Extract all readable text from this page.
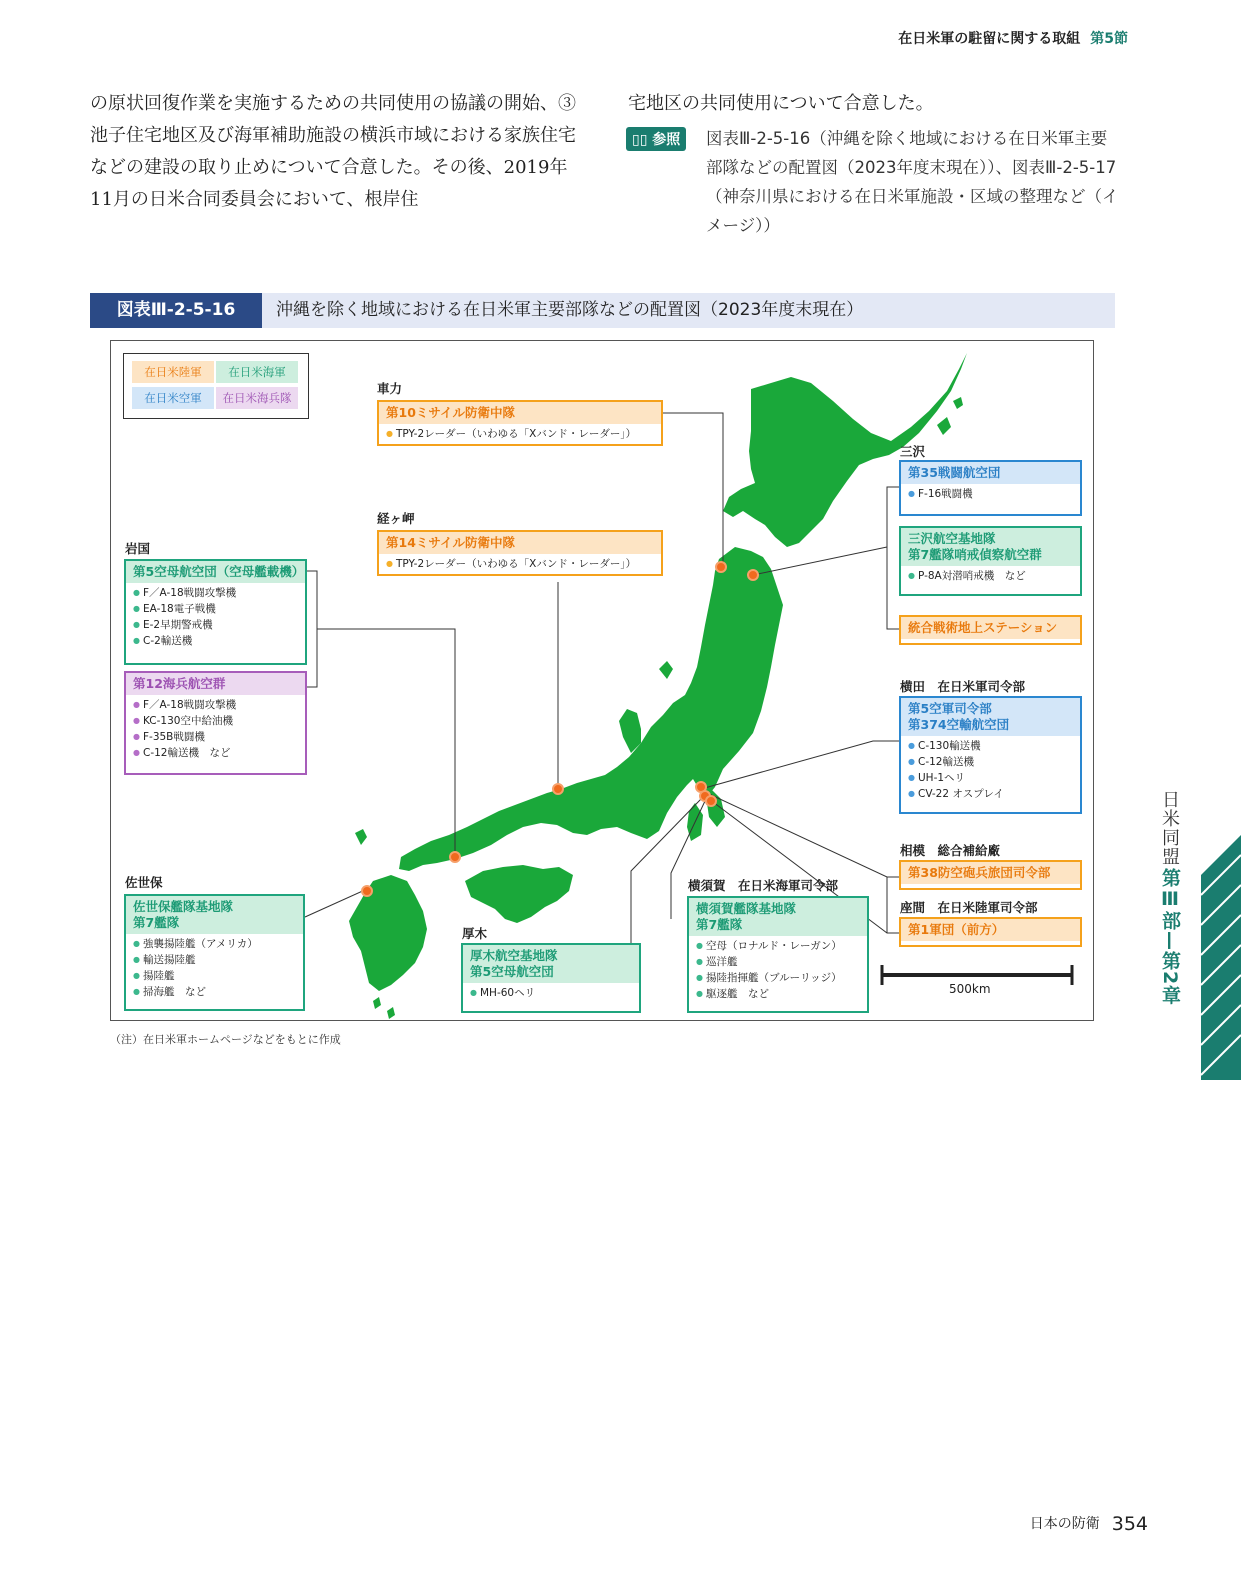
在日米軍の駐留に関する取組 第5節
の原状回復作業を実施するための共同使用の協議の開始、③池子住宅地区及び海軍補助施設の横浜市域における家族住宅などの建設の取り止めについて合意した。その後、2019年11月の日米合同委員会において、根岸住
宅地区の共同使用について合意した。
▯▯ 参照	図表Ⅲ-2-5-16（沖縄を除く地域における在日米軍主要部隊などの配置図（2023年度末現在））、図表Ⅲ-2-5-17（神奈川県における在日米軍施設・区域の整理など（イメージ））
図表Ⅲ-2-5-16	沖縄を除く地域における在日米軍主要部隊などの配置図（2023年度末現在）
在日米陸軍	在日米海軍
在日米空軍	在日米海兵隊
車力
第10ミサイル防衛中隊
● TPY-2レーダー（いわゆる「Xバンド・レーダー」）
経ヶ岬
第14ミサイル防衛中隊
● TPY-2レーダー（いわゆる「Xバンド・レーダー」）
岩国
第5空母航空団（空母艦載機）
● F／A-18戦闘攻撃機
● EA-18電子戦機
● E-2早期警戒機
● C-2輸送機
第12海兵航空群
● F／A-18戦闘攻撃機
● KC-130空中給油機
● F-35B戦闘機
● C-12輸送機　など
佐世保
佐世保艦隊基地隊
第7艦隊
● 強襲揚陸艦（アメリカ）
● 輸送揚陸艦
● 揚陸艦
● 掃海艦　など
厚木
厚木航空基地隊
第5空母航空団
● MH-60ヘリ
横須賀　在日米海軍司令部
横須賀艦隊基地隊
第7艦隊
● 空母（ロナルド・レーガン）
● 巡洋艦
● 揚陸指揮艦（ブルーリッジ）
● 駆逐艦　など
三沢
第35戦闘航空団
● F-16戦闘機
三沢航空基地隊
第7艦隊哨戒偵察航空群
● P-8A対潜哨戒機　など
統合戦術地上ステーション
横田　在日米軍司令部
第5空軍司令部
第374空輸航空団
● C-130輸送機
● C-12輸送機
● UH-1ヘリ
● CV-22 オスプレイ
相模　総合補給廠
第38防空砲兵旅団司令部
座間　在日米陸軍司令部
第1軍団（前方）
500km
（注）在日米軍ホームページなどをもとに作成
日米同盟
第Ⅲ部—第2章
日本の防衛 354
